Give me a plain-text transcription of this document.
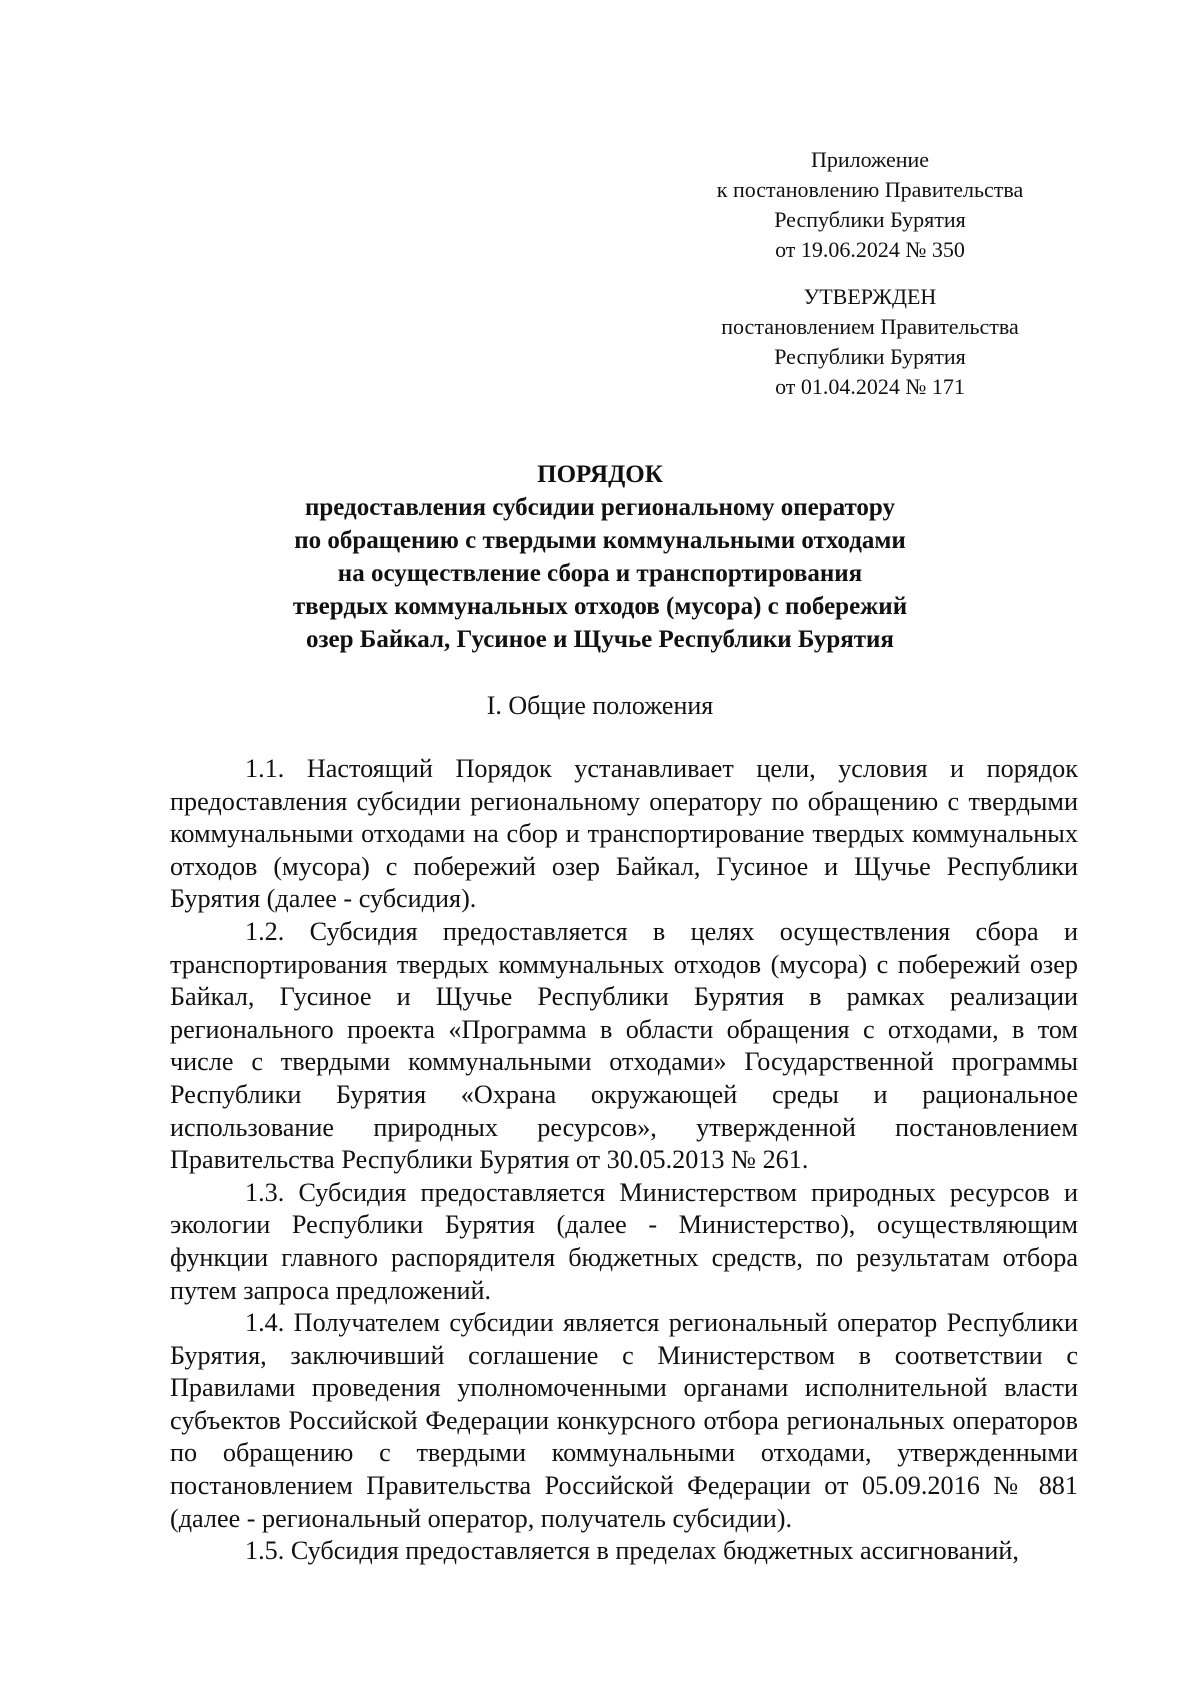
Приложение
к постановлению Правительства
Республики Бурятия
от 19.06.2024 № 350
УТВЕРЖДЕН
постановлением Правительства
Республики Бурятия
от 01.04.2024 № 171
ПОРЯДОК
предоставления субсидии региональному оператору
по обращению с твердыми коммунальными отходами
на осуществление сбора и транспортирования
твердых коммунальных отходов (мусора) с побережий
озер Байкал, Гусиное и Щучье Республики Бурятия
I. Общие положения

1.1. Настоящий Порядок устанавливает цели, условия и порядок предоставления субсидии региональному оператору по обращению с твердыми коммунальными отходами на сбор и транспортирование твердых коммунальных отходов (мусора) с побережий озер Байкал, Гусиное и Щучье Республики Бурятия (далее - субсидия).

1.2. Субсидия предоставляется в целях осуществления сбора и транспортирования твердых коммунальных отходов (мусора) с побережий озер Байкал, Гусиное и Щучье Республики Бурятия в рамках реализации регионального проекта «Программа в области обращения с отходами, в том числе с твердыми коммунальными отходами» Государственной программы Республики Бурятия «Охрана окружающей среды и рациональное использование природных ресурсов», утвержденной постановлением Правительства Республики Бурятия от 30.05.2013 № 261.

1.3. Субсидия предоставляется Министерством природных ресурсов и экологии Республики Бурятия (далее - Министерство), осуществляющим функции главного распорядителя бюджетных средств, по результатам отбора путем запроса предложений.

1.4. Получателем субсидии является региональный оператор Республики Бурятия, заключивший соглашение с Министерством в соответствии с Правилами проведения уполномоченными органами исполнительной власти субъектов Российской Федерации конкурсного отбора региональных операторов по обращению с твердыми коммунальными отходами, утвержденными постановлением Правительства Российской Федерации от 05.09.2016 № 881 (далее - региональный оператор, получатель субсидии).

1.5. Субсидия предоставляется в пределах бюджетных ассигнований,
